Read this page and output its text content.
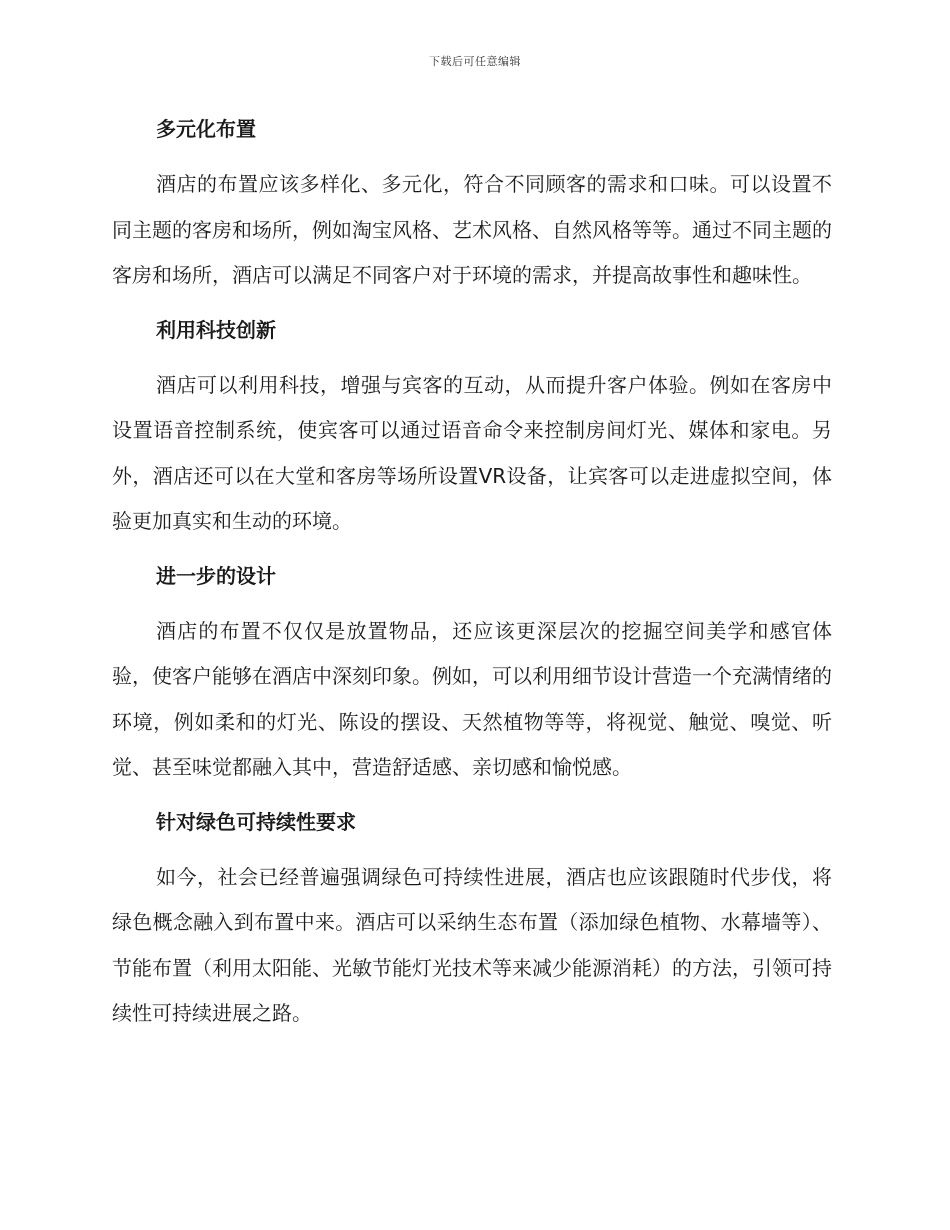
下载后可任意编辑
多元化布置

酒店的布置应该多样化、多元化，符合不同顾客的需求和口味。可以设置不同主题的客房和场所，例如淘宝风格、艺术风格、自然风格等等。通过不同主题的客房和场所，酒店可以满足不同客户对于环境的需求，并提高故事性和趣味性。

利用科技创新

酒店可以利用科技，增强与宾客的互动，从而提升客户体验。例如在客房中设置语音控制系统，使宾客可以通过语音命令来控制房间灯光、媒体和家电。另外，酒店还可以在大堂和客房等场所设置VR设备，让宾客可以走进虚拟空间，体验更加真实和生动的环境。

进一步的设计

酒店的布置不仅仅是放置物品，还应该更深层次的挖掘空间美学和感官体验，使客户能够在酒店中深刻印象。例如，可以利用细节设计营造一个充满情绪的环境，例如柔和的灯光、陈设的摆设、天然植物等等，将视觉、触觉、嗅觉、听觉、甚至味觉都融入其中，营造舒适感、亲切感和愉悦感。

针对绿色可持续性要求

如今，社会已经普遍强调绿色可持续性进展，酒店也应该跟随时代步伐，将绿色概念融入到布置中来。酒店可以采纳生态布置（添加绿色植物、水幕墙等）、节能布置（利用太阳能、光敏节能灯光技术等来减少能源消耗）的方法，引领可持续性可持续进展之路。
